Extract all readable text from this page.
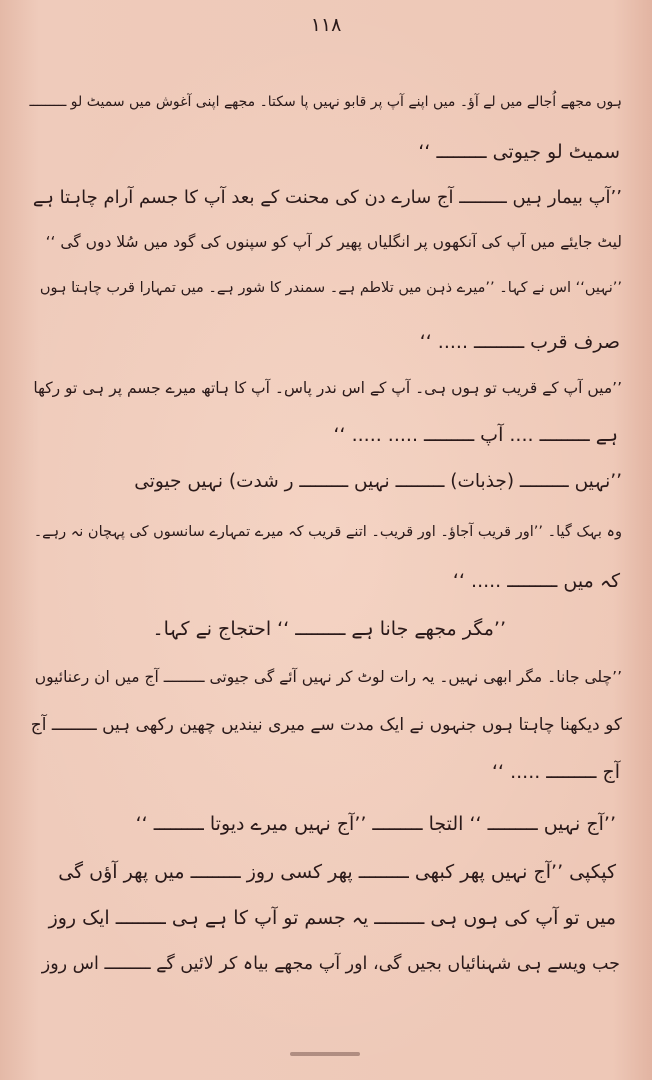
۱۱۸
ہوں مجھے اُجالے میں لے آؤ۔ میں اپنے آپ پر قابو نہیں پا سکتا۔ مجھے اپنی آغوش میں سمیٹ لو ـــــــــ
سمیٹ لو جیوتی ـــــــــ ‘‘
’’آپ بیمار ہیں ـــــــــ آج سارے دن کی محنت کے بعد آپ کا جسم آرام چاہتا ہے
لیٹ جایئے میں آپ کی آنکھوں پر انگلیاں پھیر کر آپ کو سپنوں کی گود میں سُلا دوں گی ‘‘
’’نہیں‘‘ اس نے کہا۔ ’’میرے ذہن میں تلاطم ہے۔ سمندر کا شور ہے۔ میں تمہارا قرب چاہتا ہوں
صرف قرب ـــــــــ ..... ‘‘
’’میں آپ کے قریب تو ہوں ہی۔ آپ کے اس ندر پاس۔ آپ کا ہاتھ میرے جسم پر ہی تو رکھا
ہے ـــــــــ .... آپ ـــــــــ ..... ..... ‘‘
’’نہیں ـــــــــ (جذبات) ـــــــــ نہیں ـــــــــ ر شدت) نہیں جیوتی
وہ بہک گیا۔ ’’اور قریب آجاؤ۔ اور قریب۔ اتنے قریب کہ میرے تمہارے سانسوں کی پہچان نہ رہے۔
کہ میں ـــــــــ ..... ‘‘
’’مگر مجھے جانا ہے ـــــــــ ‘‘ احتجاج نے کہا۔
’’چلی جانا۔ مگر ابھی نہیں۔ یہ رات لوٹ کر نہیں آئے گی جیوتی ـــــــــ آج میں ان رعنائیوں
کو دیکھنا چاہتا ہوں جنہوں نے ایک مدت سے میری نیندیں چھین رکھی ہیں ـــــــــ آج
آج ـــــــــ ..... ‘‘
’’آج نہیں ـــــــــ ‘‘ التجا ـــــــــ ’’آج نہیں میرے دیوتا ـــــــــ ‘‘
کپکپی ’’آج نہیں پھر کبھی ـــــــــ پھر کسی روز ـــــــــ میں پھر آؤں گی
میں تو آپ کی ہوں ہی ـــــــــ یہ جسم تو آپ کا ہے ہی ـــــــــ ایک روز
جب ویسے ہی شہنائیاں بجیں گی، اور آپ مجھے بیاہ کر لائیں گے ـــــــــ اس روز
